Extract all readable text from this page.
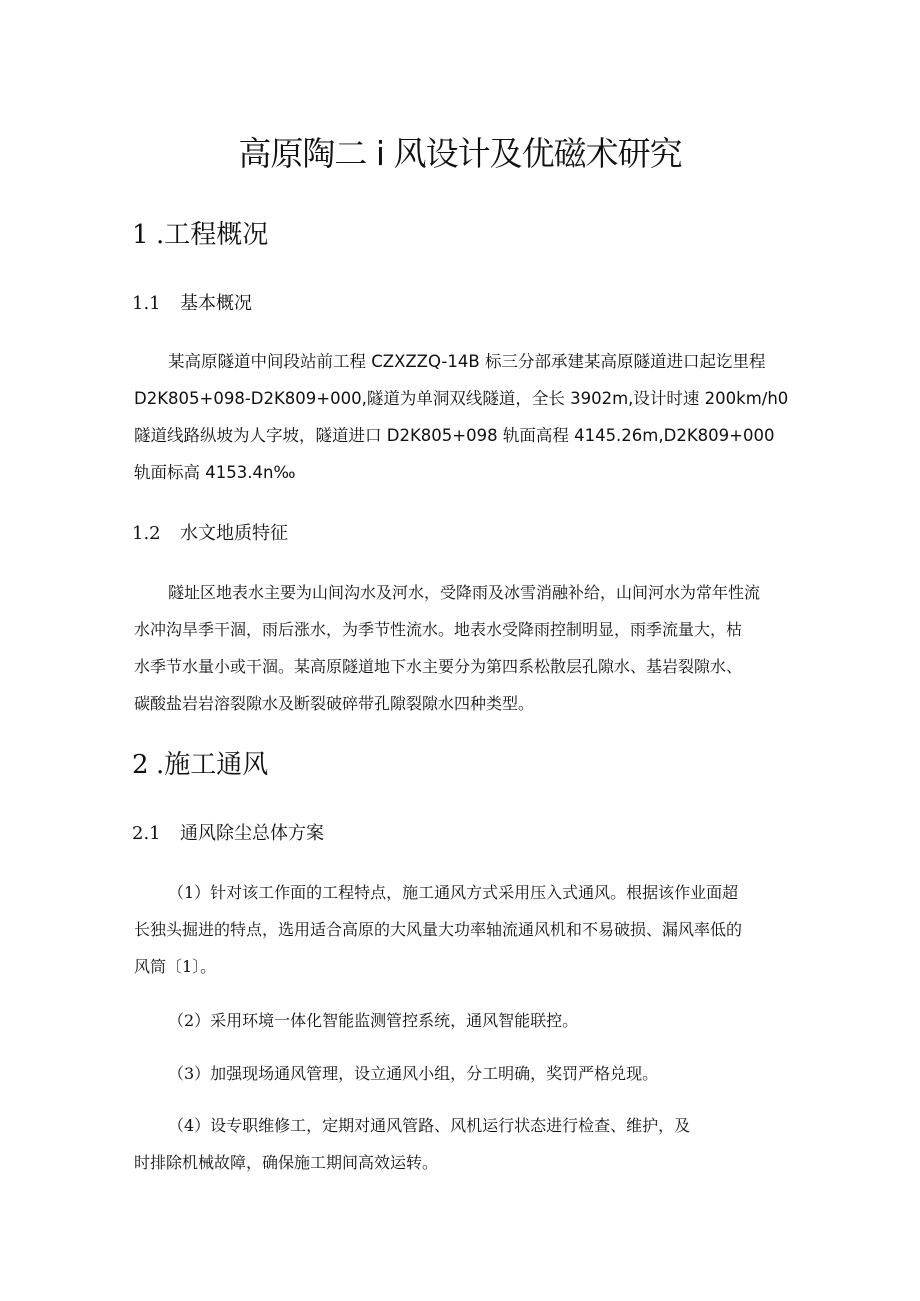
高原陶二 i 风设计及优磁术研究
1 .工程概况
1.1 基本概况
某高原隧道中间段站前工程 CZXZZQ-14B 标三分部承建某高原隧道进口起讫里程
D2K805+098-D2K809+000,隧道为单洞双线隧道，全长 3902m,设计时速 200km∕h0
隧道线路纵坡为人字坡，隧道进口 D2K805+098 轨面高程 4145.26m,D2K809+000
轨面标高 4153.4n‰
1.2 水文地质特征
隧址区地表水主要为山间沟水及河水，受降雨及冰雪消融补给，山间河水为常年性流
水冲沟旱季干涸，雨后涨水，为季节性流水。地表水受降雨控制明显，雨季流量大，枯
水季节水量小或干涸。某高原隧道地下水主要分为第四系松散层孔隙水、基岩裂隙水、
碳酸盐岩岩溶裂隙水及断裂破碎带孔隙裂隙水四种类型。
2 .施工通风
2.1 通风除尘总体方案
（1）针对该工作面的工程特点，施工通风方式采用压入式通风。根据该作业面超
长独头掘进的特点，选用适合高原的大风量大功率轴流通风机和不易破损、漏风率低的
风筒〔1〕。
（2）采用环境一体化智能监测管控系统，通风智能联控。
（3）加强现场通风管理，设立通风小组，分工明确，奖罚严格兑现。
（4）设专职维修工，定期对通风管路、风机运行状态进行检查、维护，及
时排除机械故障，确保施工期间高效运转。
